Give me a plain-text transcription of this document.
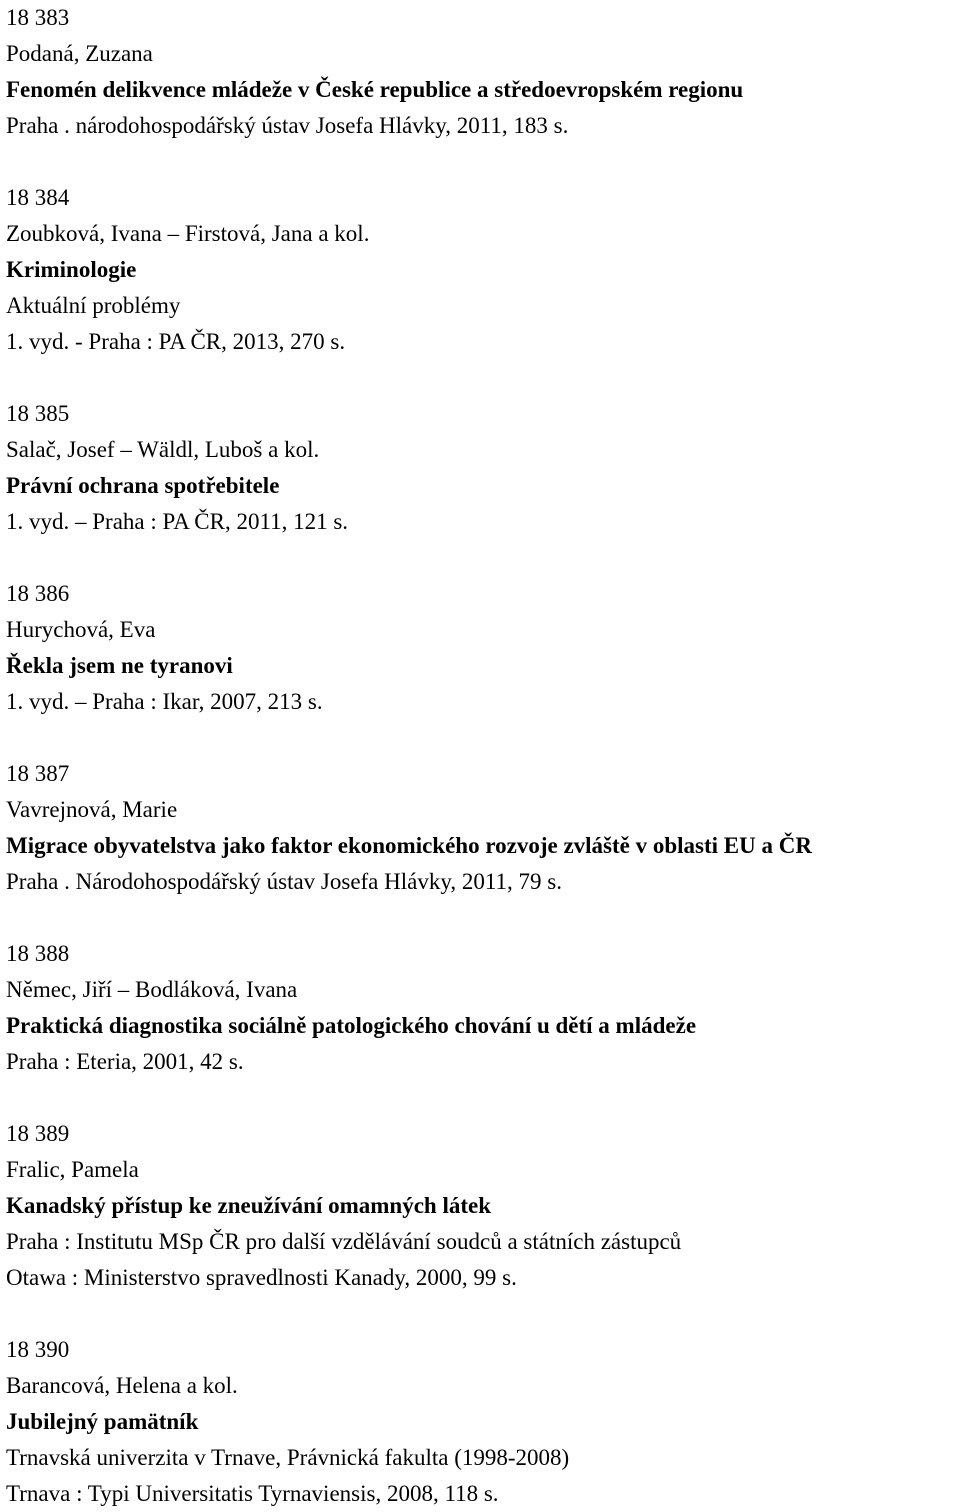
18 383
Podaná, Zuzana
Fenomén delikvence mládeže v České republice a středoevropském regionu
Praha . národohospodářský ústav Josefa Hlávky, 2011, 183 s.
18 384
Zoubková, Ivana – Firstová, Jana a kol.
Kriminologie
Aktuální problémy
1. vyd. - Praha : PA ČR, 2013, 270 s.
18 385
Salač, Josef – Wäldl, Luboš a kol.
Právní ochrana spotřebitele
1. vyd. – Praha : PA ČR, 2011, 121 s.
18 386
Hurychová, Eva
Řekla jsem ne tyranovi
1. vyd. – Praha : Ikar, 2007, 213 s.
18 387
Vavrejnová, Marie
Migrace obyvatelstva jako faktor ekonomického rozvoje zvláště v oblasti EU a ČR
Praha . Národohospodářský ústav Josefa Hlávky, 2011, 79 s.
18 388
Němec, Jiří – Bodláková, Ivana
Praktická diagnostika sociálně patologického chování u dětí a mládeže
Praha : Eteria, 2001, 42 s.
18 389
Fralic, Pamela
Kanadský přístup ke zneužívání omamných látek
Praha : Institutu MSp ČR pro další vzdělávání soudců a státních zástupců
Otawa : Ministerstvo spravedlnosti Kanady, 2000, 99 s.
18 390
Barancová, Helena a kol.
Jubilejný pamätník
Trnavská univerzita v Trnave, Právnická fakulta (1998-2008)
Trnava : Typi Universitatis Tyrnaviensis, 2008, 118 s.
